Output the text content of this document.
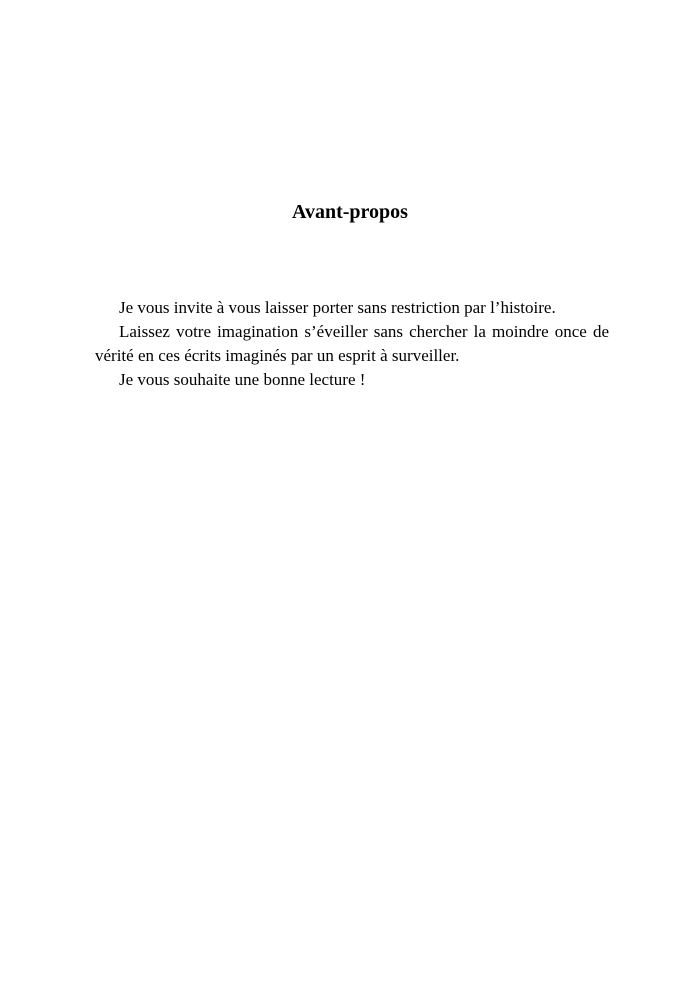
Avant-propos

Je vous invite à vous laisser porter sans restriction par l’histoire.

Laissez votre imagination s’éveiller sans chercher la moindre once de vérité en ces écrits imaginés par un esprit à surveiller.

Je vous souhaite une bonne lecture !
